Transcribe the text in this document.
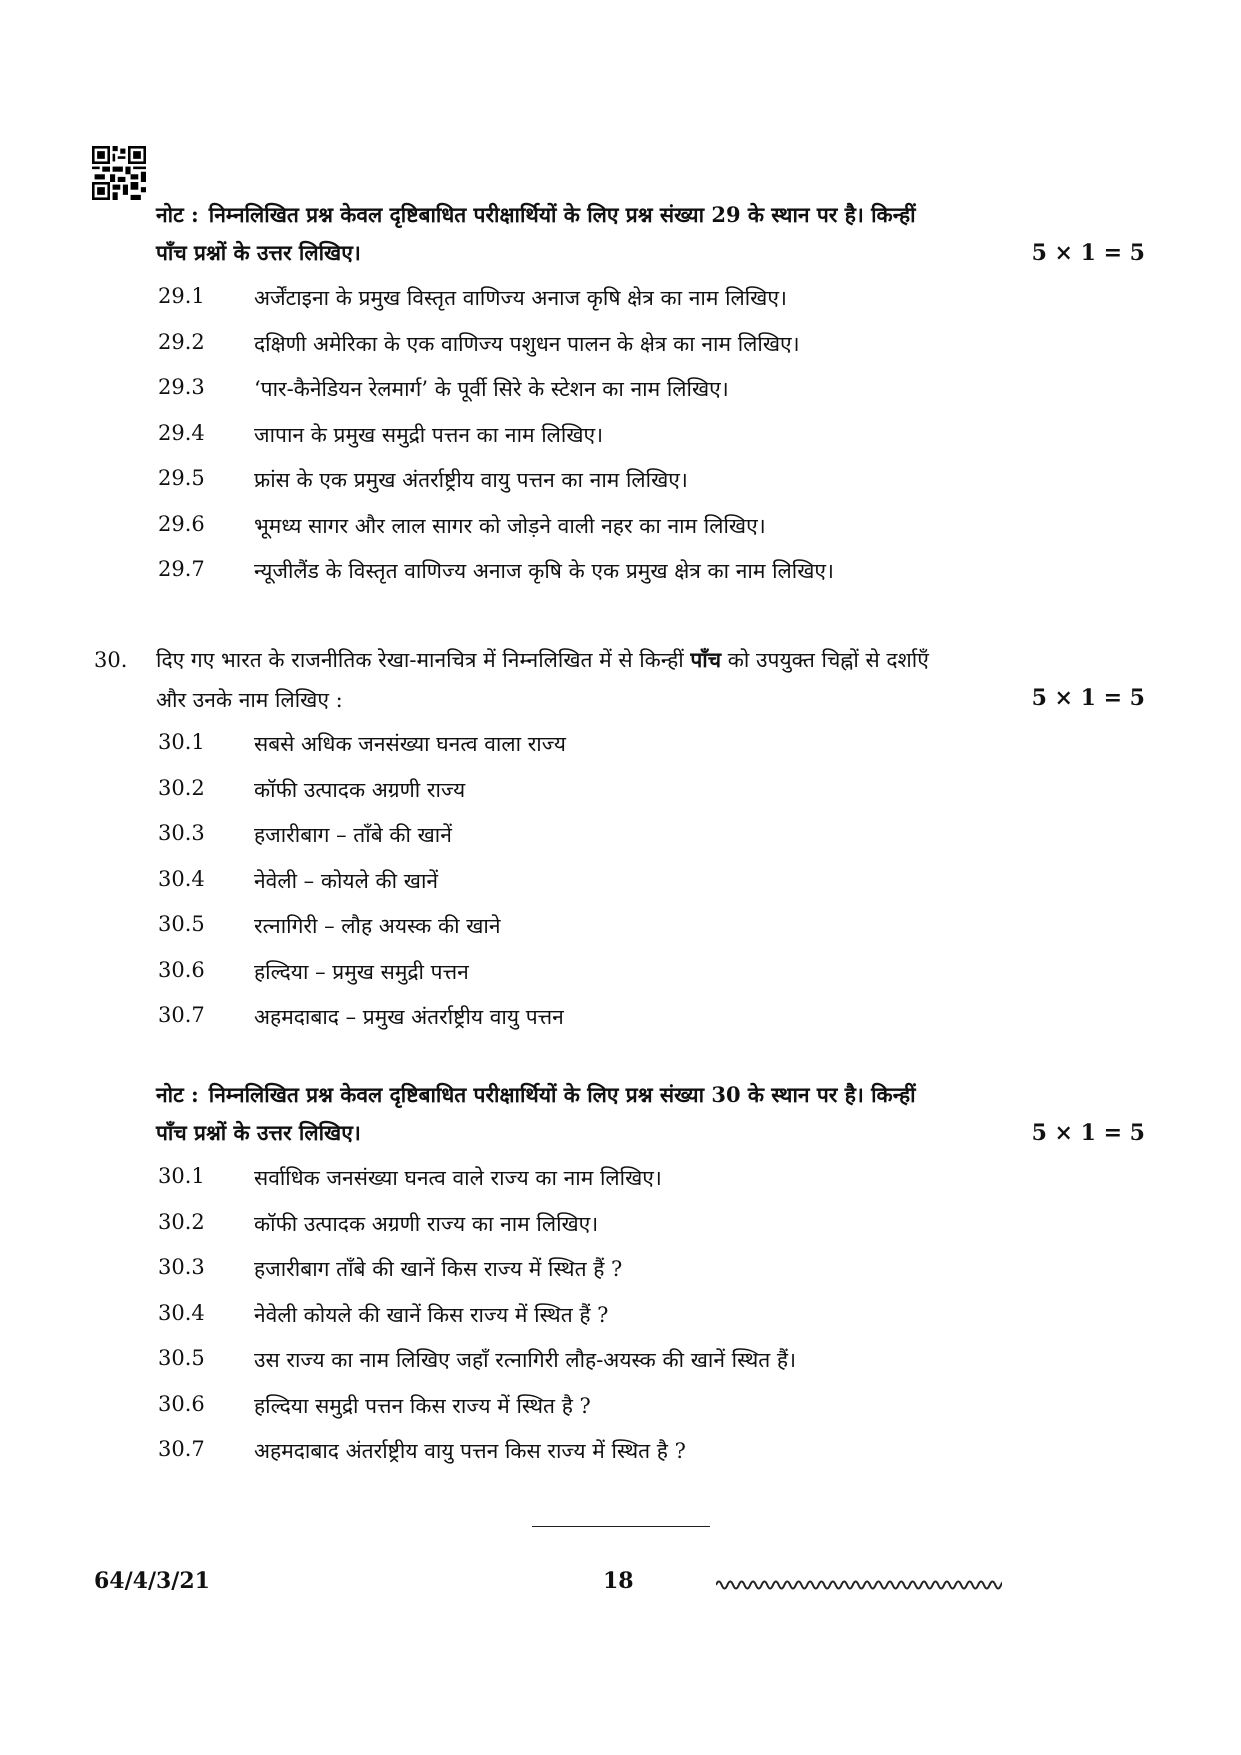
नोट : निम्नलिखित प्रश्न केवल दृष्टिबाधित परीक्षार्थियों के लिए प्रश्न संख्या 29 के स्थान पर है। किन्हीं
पाँच प्रश्नों के उत्तर लिखिए।	5 × 1 = 5
29.1 अर्जेंटाइना के प्रमुख विस्तृत वाणिज्य अनाज कृषि क्षेत्र का नाम लिखिए।
29.2 दक्षिणी अमेरिका के एक वाणिज्य पशुधन पालन के क्षेत्र का नाम लिखिए।
29.3 ‘पार-कैनेडियन रेलमार्ग’ के पूर्वी सिरे के स्टेशन का नाम लिखिए।
29.4 जापान के प्रमुख समुद्री पत्तन का नाम लिखिए।
29.5 फ्रांस के एक प्रमुख अंतर्राष्ट्रीय वायु पत्तन का नाम लिखिए।
29.6 भूमध्य सागर और लाल सागर को जोड़ने वाली नहर का नाम लिखिए।
29.7 न्यूजीलैंड के विस्तृत वाणिज्य अनाज कृषि के एक प्रमुख क्षेत्र का नाम लिखिए।
30. दिए गए भारत के राजनीतिक रेखा-मानचित्र में निम्नलिखित में से किन्हीं पाँच को उपयुक्त चिह्नों से दर्शाएँ
और उनके नाम लिखिए :	5 × 1 = 5
30.1 सबसे अधिक जनसंख्या घनत्व वाला राज्य
30.2 कॉफी उत्पादक अग्रणी राज्य
30.3 हजारीबाग – ताँबे की खानें
30.4 नेवेली – कोयले की खानें
30.5 रत्नागिरी – लौह अयस्क की खाने
30.6 हल्दिया – प्रमुख समुद्री पत्तन
30.7 अहमदाबाद – प्रमुख अंतर्राष्ट्रीय वायु पत्तन
नोट : निम्नलिखित प्रश्न केवल दृष्टिबाधित परीक्षार्थियों के लिए प्रश्न संख्या 30 के स्थान पर है। किन्हीं
पाँच प्रश्नों के उत्तर लिखिए।	5 × 1 = 5
30.1 सर्वाधिक जनसंख्या घनत्व वाले राज्य का नाम लिखिए।
30.2 कॉफी उत्पादक अग्रणी राज्य का नाम लिखिए।
30.3 हजारीबाग ताँबे की खानें किस राज्य में स्थित हैं ?
30.4 नेवेली कोयले की खानें किस राज्य में स्थित हैं ?
30.5 उस राज्य का नाम लिखिए जहाँ रत्नागिरी लौह-अयस्क की खानें स्थित हैं।
30.6 हल्दिया समुद्री पत्तन किस राज्य में स्थित है ?
30.7 अहमदाबाद अंतर्राष्ट्रीय वायु पत्तन किस राज्य में स्थित है ?
64/4/3/21	18
